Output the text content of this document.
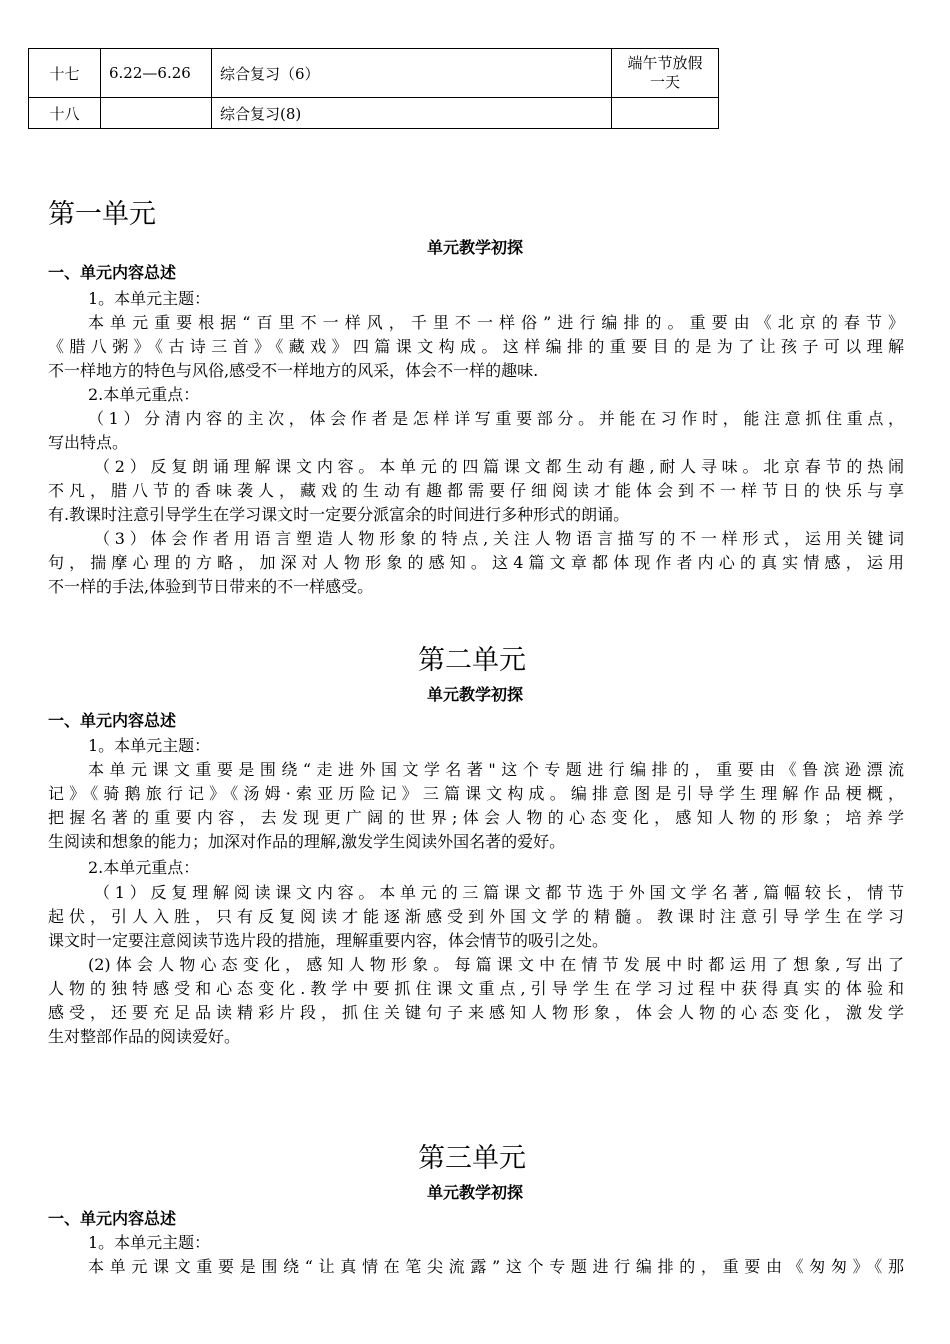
十七	6.22—6.26	综合复习（6）	端午节放假
一天

十八		综合复习(8)	
第一单元
单元教学初探
一、单元内容总述
1。本单元主题：
本单元重要根据“百里不一样风，千里不一样俗”进行编排的。重要由《北京的春节》
《腊八粥》《古诗三首》《藏戏》四篇课文构成。这样编排的重要目的是为了让孩子可以理解
不一样地方的特色与风俗,感受不一样地方的风采，体会不一样的趣味.
2.本单元重点：
（1）分清内容的主次，体会作者是怎样详写重要部分。并能在习作时，能注意抓住重点，
写出特点。
（2）反复朗诵理解课文内容。本单元的四篇课文都生动有趣,耐人寻味。北京春节的热闹
不凡，腊八节的香味袭人，藏戏的生动有趣都需要仔细阅读才能体会到不一样节日的快乐与享
有.教课时注意引导学生在学习课文时一定要分派富余的时间进行多种形式的朗诵。
（3）体会作者用语言塑造人物形象的特点,关注人物语言描写的不一样形式，运用关键词
句，揣摩心理的方略，加深对人物形象的感知。这4篇文章都体现作者内心的真实情感，运用
不一样的手法,体验到节日带来的不一样感受。
第二单元
单元教学初探
一、单元内容总述
1。本单元主题：
本单元课文重要是围绕“走进外国文学名著"这个专题进行编排的，重要由《鲁滨逊漂流
记》《骑鹅旅行记》《汤姆·索亚历险记》三篇课文构成。编排意图是引导学生理解作品梗概，
把握名著的重要内容，去发现更广阔的世界;体会人物的心态变化，感知人物的形象；培养学
生阅读和想象的能力；加深对作品的理解,激发学生阅读外国名著的爱好。
2.本单元重点：
（1）反复理解阅读课文内容。本单元的三篇课文都节选于外国文学名著,篇幅较长，情节
起伏，引人入胜，只有反复阅读才能逐渐感受到外国文学的精髓。教课时注意引导学生在学习
课文时一定要注意阅读节选片段的措施，理解重要内容，体会情节的吸引之处。
(2)体会人物心态变化，感知人物形象。每篇课文中在情节发展中时都运用了想象,写出了
人物的独特感受和心态变化.教学中要抓住课文重点,引导学生在学习过程中获得真实的体验和
感受，还要充足品读精彩片段，抓住关键句子来感知人物形象，体会人物的心态变化，激发学
生对整部作品的阅读爱好。
第三单元
单元教学初探
一、单元内容总述
1。本单元主题：
本单元课文重要是围绕“让真情在笔尖流露”这个专题进行编排的，重要由《匆匆》《那
